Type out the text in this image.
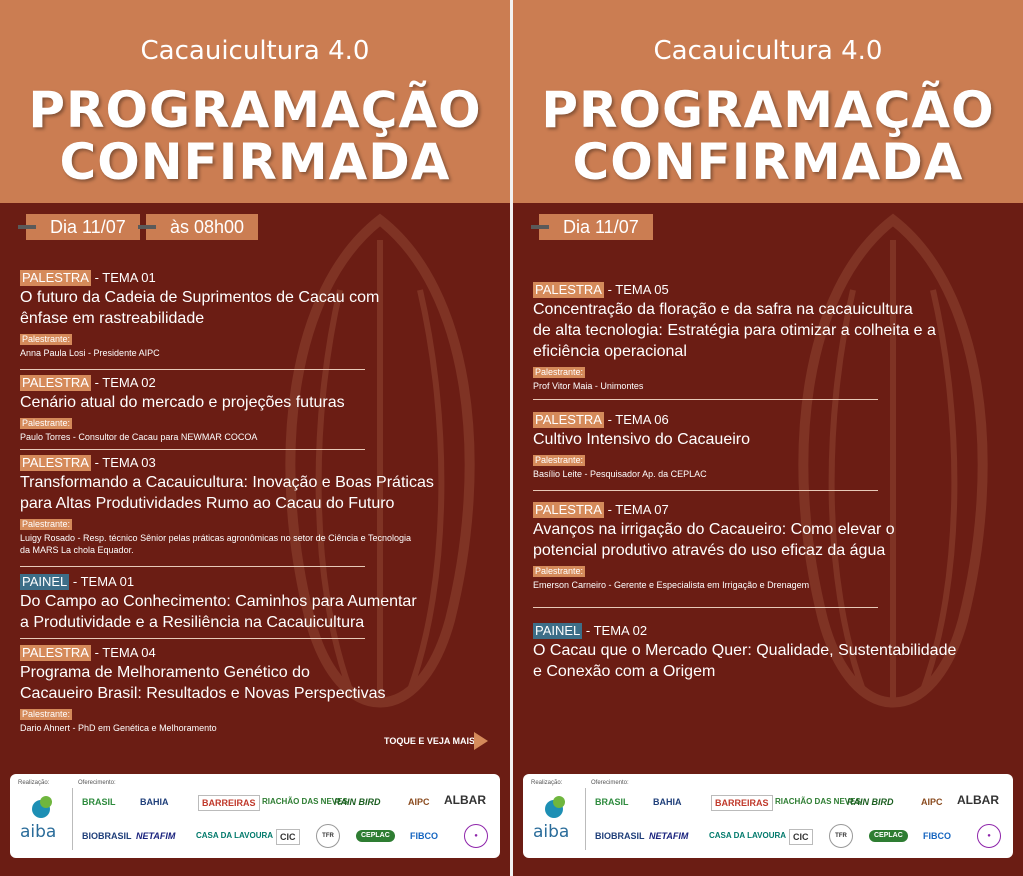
Cacauicultura 4.0
PROGRAMAÇÃO
CONFIRMADA
Dia 11/07	às 08h00
PALESTRA - TEMA 01
O futuro da Cadeia de Suprimentos de Cacau com
ênfase em rastreabilidade
Palestrante:
Anna Paula Losi - Presidente AIPC
PALESTRA - TEMA 02
Cenário atual do mercado e projeções futuras
Palestrante:
Paulo Torres - Consultor de Cacau para NEWMAR COCOA
PALESTRA - TEMA 03
Transformando a Cacauicultura: Inovação e Boas Práticas
para Altas Produtividades Rumo ao Cacau do Futuro
Palestrante:
Luigy Rosado - Resp. técnico Sênior pelas práticas agronômicas no setor de Ciência e Tecnologia
da MARS La chola Equador.
PAINEL - TEMA 01
Do Campo ao Conhecimento: Caminhos para Aumentar
a Produtividade e a Resiliência na Cacauicultura
PALESTRA - TEMA 04
Programa de Melhoramento Genético do
Cacaueiro Brasil: Resultados e Novas Perspectivas
Palestrante:
Dario Ahnert - PhD em Genética e Melhoramento
TOQUE E VEJA MAIS
Realização:	Oferecimento:
aiba
BRASIL	BAHIA	BARREIRAS RIACHÃO DAS NEVES
RAIN BIRD	AIPC ALBAR
BIOBRASIL NETAFIM	CASA DA LAVOURA CIC	TFR	CEPLAC	FIBCO	●
Cacauicultura 4.0
PROGRAMAÇÃO
CONFIRMADA
Dia 11/07
PALESTRA - TEMA 05
Concentração da floração e da safra na cacauicultura
de alta tecnologia: Estratégia para otimizar a colheita e a
eficiência operacional
Palestrante:
Prof Vitor Maia - Unimontes
PALESTRA - TEMA 06
Cultivo Intensivo do Cacaueiro
Palestrante:
Basílio Leite - Pesquisador Ap. da CEPLAC
PALESTRA - TEMA 07
Avanços na irrigação do Cacaueiro: Como elevar o
potencial produtivo através do uso eficaz da água
Palestrante:
Emerson Carneiro - Gerente e Especialista em Irrigação e Drenagem
PAINEL - TEMA 02
O Cacau que o Mercado Quer: Qualidade, Sustentabilidade
e Conexão com a Origem
Realização:	Oferecimento:
aiba
BRASIL	BAHIA	BARREIRAS RIACHÃO DAS NEVES
RAIN BIRD	AIPC ALBAR
BIOBRASIL NETAFIM	CASA DA LAVOURA CIC	TFR	CEPLAC	FIBCO	●
